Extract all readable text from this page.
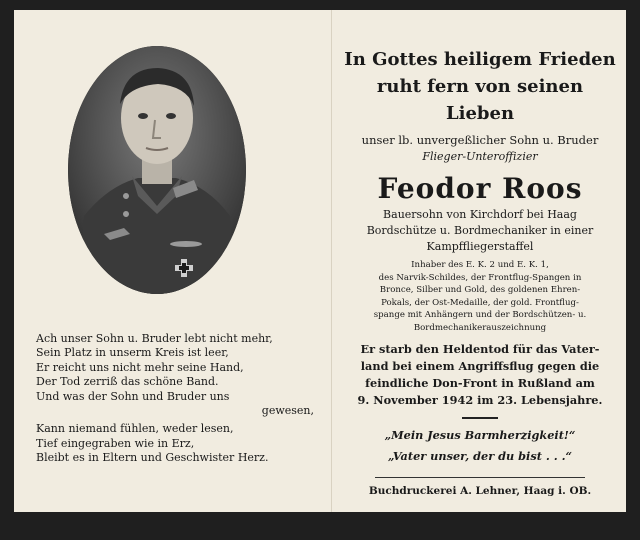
Ach unser Sohn u. Bruder lebt nicht mehr,
Sein Platz in unserm Kreis ist leer,
Er reicht uns nicht mehr seine Hand,
Der Tod zerriß das schöne Band.
Und was der Sohn und Bruder uns
gewesen,
Kann niemand fühlen, weder lesen,
Tief eingegraben wie in Erz,
Bleibt es in Eltern und Geschwister Herz.
In Gottes heiligem Frieden
ruht fern von seinen Lieben
unser lb. unvergeßlicher Sohn u. Bruder
Flieger-Unteroffizier
Feodor Roos
Bauersohn von Kirchdorf bei Haag
Bordschütze u. Bordmechaniker in einer
Kampffliegerstaffel
Inhaber des E. K. 2 und E. K. 1,
des Narvik-Schildes, der Frontflug-Spangen in
Bronce, Silber und Gold, des goldenen Ehren-
Pokals, der Ost-Medaille, der gold. Frontflug-
spange mit Anhängern und der Bordschützen- u.
Bordmechanikerauszeichnung
Er starb den Heldentod für das Vater-
land bei einem Angriffsflug gegen die
feindliche Don-Front in Rußland am
9. November 1942 im 23. Lebensjahre.
„Mein Jesus Barmherzigkeit!“
„Vater unser, der du bist . . .“
Buchdruckerei A. Lehner, Haag i. OB.
